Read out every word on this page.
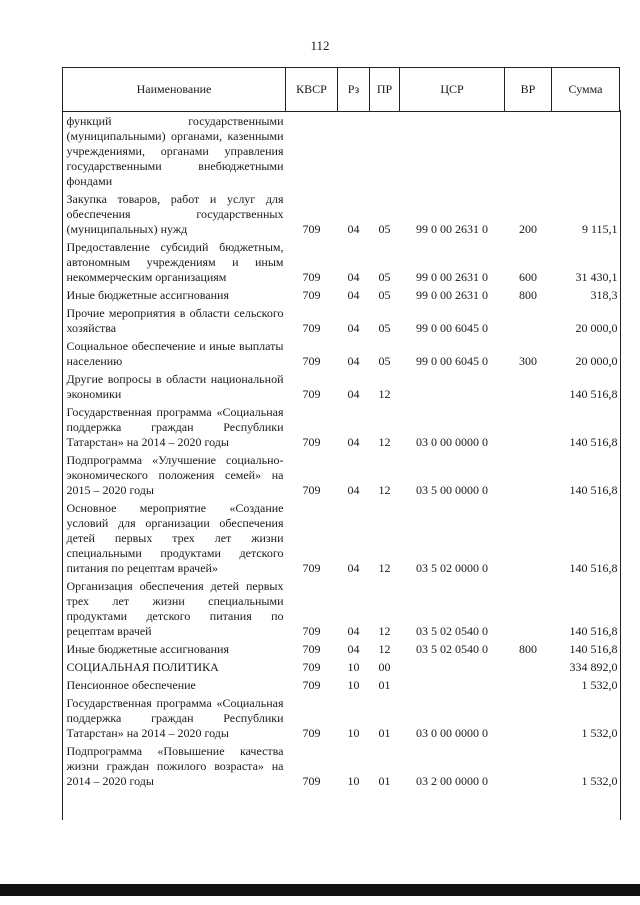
112
Наименование	КВСР	Рз	ПР	ЦСР	ВР	Сумма
функций государственными (муниципальными) органами, казенными учреждениями, органами управления государственными внебюджетными фондами						
Закупка товаров, работ и услуг для обеспечения государственных (муниципальных) нужд	709	04	05	99 0 00 2631 0	200	9 115,1
Предоставление субсидий бюджетным, автономным учреждениям и иным некоммерческим организациям	709	04	05	99 0 00 2631 0	600	31 430,1
Иные бюджетные ассигнования	709	04	05	99 0 00 2631 0	800	318,3
Прочие мероприятия в области сельского хозяйства	709	04	05	99 0 00 6045 0		20 000,0
Социальное обеспечение и иные выплаты населению	709	04	05	99 0 00 6045 0	300	20 000,0
Другие вопросы в области национальной экономики	709	04	12			140 516,8
Государственная программа «Социальная поддержка граждан Республики Татарстан» на 2014 – 2020 годы	709	04	12	03 0 00 0000 0		140 516,8
Подпрограмма «Улучшение социально-экономического положения семей» на 2015 – 2020 годы	709	04	12	03 5 00 0000 0		140 516,8
Основное мероприятие «Создание условий для организации обеспечения детей первых трех лет жизни специальными продуктами детского питания по рецептам врачей»	709	04	12	03 5 02 0000 0		140 516,8
Организация обеспечения детей первых трех лет жизни специальными продуктами детского питания по рецептам врачей	709	04	12	03 5 02 0540 0		140 516,8
Иные бюджетные ассигнования	709	04	12	03 5 02 0540 0	800	140 516,8
СОЦИАЛЬНАЯ ПОЛИТИКА	709	10	00			334 892,0
Пенсионное обеспечение	709	10	01			1 532,0
Государственная программа «Социальная поддержка граждан Республики Татарстан» на 2014 – 2020 годы	709	10	01	03 0 00 0000 0		1 532,0
Подпрограмма «Повышение качества жизни граждан пожилого возраста» на 2014 – 2020 годы	709	10	01	03 2 00 0000 0		1 532,0
